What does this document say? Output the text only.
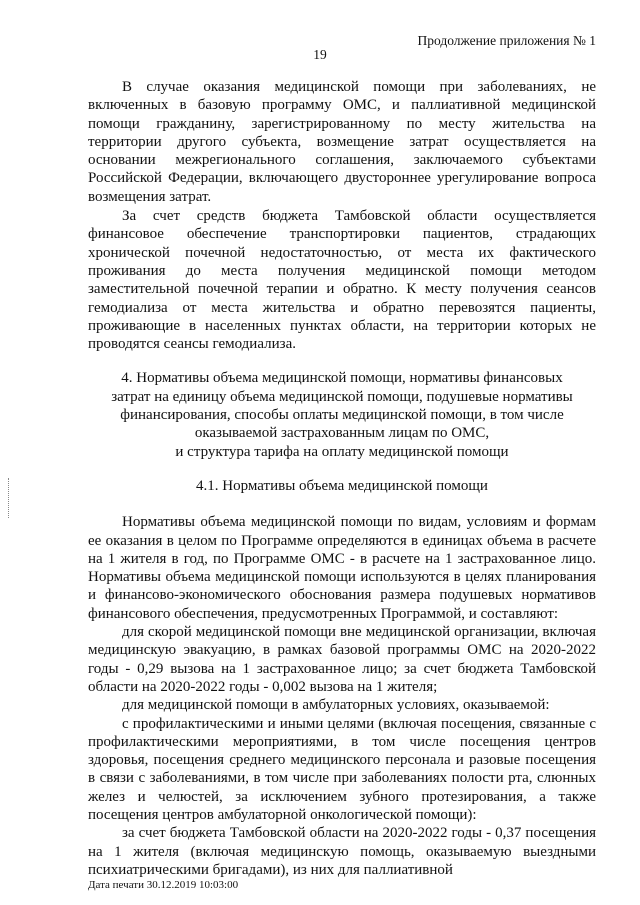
Продолжение приложения № 1
19

В случае оказания медицинской помощи при заболеваниях, не включенных в базовую программу ОМС, и паллиативной медицинской помощи гражданину, зарегистрированному по месту жительства на территории другого субъекта, возмещение затрат осуществляется на основании межрегионального соглашения, заключаемого субъектами Российской Федерации, включающего двустороннее урегулирование вопроса возмещения затрат.

За счет средств бюджета Тамбовской области осуществляется финансовое обеспечение транспортировки пациентов, страдающих хронической почечной недостаточностью, от места их фактического проживания до места получения медицинской помощи методом заместительной почечной терапии и обратно. К месту получения сеансов гемодиализа от места жительства и обратно перевозятся пациенты, проживающие в населенных пунктах области, на территории которых не проводятся сеансы гемодиализа.

4. Нормативы объема медицинской помощи, нормативы финансовых
затрат на единицу объема медицинской помощи, подушевые нормативы
финансирования, способы оплаты медицинской помощи, в том числе
оказываемой застрахованным лицам по ОМС,
и структура тарифа на оплату медицинской помощи
4.1. Нормативы объема медицинской помощи

Нормативы объема медицинской помощи по видам, условиям и формам ее оказания в целом по Программе определяются в единицах объема в расчете на 1 жителя в год, по Программе ОМС - в расчете на 1 застрахованное лицо. Нормативы объема медицинской помощи используются в целях планирования и финансово-экономического обоснования размера подушевых нормативов финансового обеспечения, предусмотренных Программой, и составляют:

для скорой медицинской помощи вне медицинской организации, включая медицинскую эвакуацию, в рамках базовой программы ОМС на 2020-2022 годы - 0,29 вызова на 1 застрахованное лицо; за счет бюджета Тамбовской области на 2020-2022 годы - 0,002 вызова на 1 жителя;

для медицинской помощи в амбулаторных условиях, оказываемой:

с профилактическими и иными целями (включая посещения, связанные с профилактическими мероприятиями, в том числе посещения центров здоровья, посещения среднего медицинского персонала и разовые посещения в связи с заболеваниями, в том числе при заболеваниях полости рта, слюнных желез и челюстей, за исключением зубного протезирования, а также посещения центров амбулаторной онкологической помощи):

за счет бюджета Тамбовской области на 2020-2022 годы - 0,37 посещения на 1 жителя (включая медицинскую помощь, оказываемую выездными психиатрическими бригадами), из них для паллиативной

Дата печати 30.12.2019 10:03:00
